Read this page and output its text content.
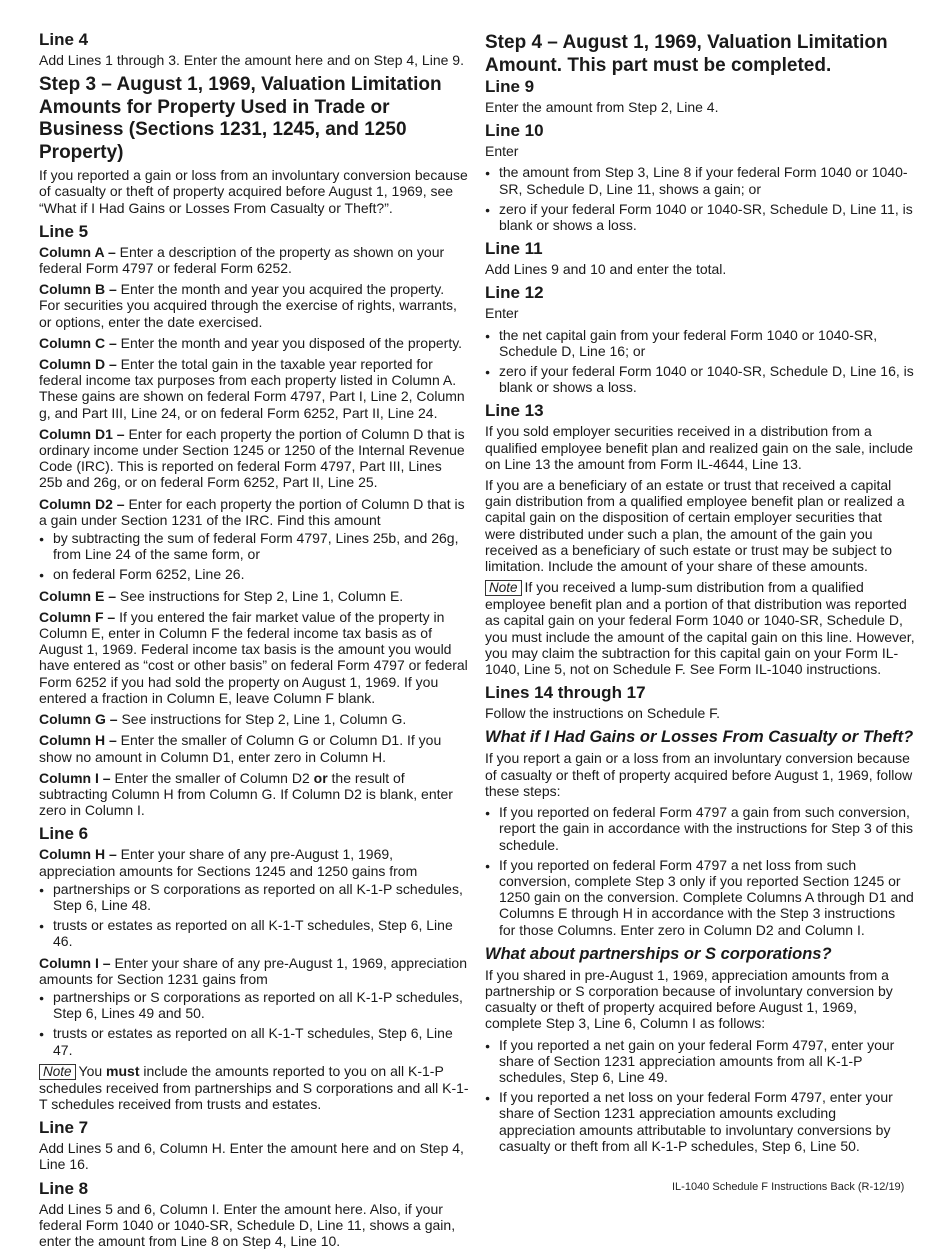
Line 4

Add Lines 1 through 3. Enter the amount here and on Step 4, Line 9.

Step 3 – August 1, 1969, Valuation Limitation Amounts for Property Used in Trade or Business (Sections 1231, 1245, and 1250 Property)

If you reported a gain or loss from an involuntary conversion because of casualty or theft of property acquired before August 1, 1969, see “What if I Had Gains or Losses From Casualty or Theft?”.

Line 5

Column A – Enter a description of the property as shown on your federal Form 4797 or federal Form 6252.

Column B – Enter the month and year you acquired the property. For securities you acquired through the exercise of rights, warrants, or options, enter the date exercised.

Column C – Enter the month and year you disposed of the property.

Column D – Enter the total gain in the taxable year reported for federal income tax purposes from each property listed in Column A. These gains are shown on federal Form 4797, Part I, Line 2, Column g, and Part III, Line 24, or on federal Form 6252, Part II, Line 24.

Column D1 – Enter for each property the portion of Column D that is ordinary income under Section 1245 or 1250 of the Internal Revenue Code (IRC). This is reported on federal Form 4797, Part III, Lines 25b and 26g, or on federal Form 6252, Part II, Line 25.

Column D2 – Enter for each property the portion of Column D that is a gain under Section 1231 of the IRC. Find this amount

● by subtracting the sum of federal Form 4797, Lines 25b, and 26g, from Line 24 of the same form, or
● on federal Form 6252, Line 26.

Column E – See instructions for Step 2, Line 1, Column E.

Column F – If you entered the fair market value of the property in Column E, enter in Column F the federal income tax basis as of August 1, 1969. Federal income tax basis is the amount you would have entered as “cost or other basis” on federal Form 4797 or federal Form 6252 if you had sold the property on August 1, 1969. If you entered a fraction in Column E, leave Column F blank.

Column G – See instructions for Step 2, Line 1, Column G.

Column H – Enter the smaller of Column G or Column D1. If you show no amount in Column D1, enter zero in Column H.

Column I – Enter the smaller of Column D2 or the result of subtracting Column H from Column G. If Column D2 is blank, enter zero in Column I.

Line 6

Column H – Enter your share of any pre-August 1, 1969, appreciation amounts for Sections 1245 and 1250 gains from

● partnerships or S corporations as reported on all K-1-P schedules, Step 6, Line 48.
● trusts or estates as reported on all K-1-T schedules, Step 6, Line 46.

Column I – Enter your share of any pre-August 1, 1969, appreciation amounts for Section 1231 gains from

● partnerships or S corporations as reported on all K-1-P schedules, Step 6, Lines 49 and 50.
● trusts or estates as reported on all K-1-T schedules, Step 6, Line 47.

Note You must include the amounts reported to you on all K-1-P schedules received from partnerships and S corporations and all K-1-T schedules received from trusts and estates.

Line 7

Add Lines 5 and 6, Column H. Enter the amount here and on Step 4, Line 16.

Line 8

Add Lines 5 and 6, Column I. Enter the amount here. Also, if your federal Form 1040 or 1040-SR, Schedule D, Line 11, shows a gain, enter the amount from Line 8 on Step 4, Line 10.

Step 4 – August 1, 1969, Valuation Limitation Amount. This part must be completed.
Line 9

Enter the amount from Step 2, Line 4.

Line 10

Enter

● the amount from Step 3, Line 8 if your federal Form 1040 or 1040-SR, Schedule D, Line 11, shows a gain; or
● zero if your federal Form 1040 or 1040-SR, Schedule D, Line 11, is blank or shows a loss.
Line 11

Add Lines 9 and 10 and enter the total.

Line 12

Enter

● the net capital gain from your federal Form 1040 or 1040-SR, Schedule D, Line 16; or
● zero if your federal Form 1040 or 1040-SR, Schedule D, Line 16, is blank or shows a loss.
Line 13

If you sold employer securities received in a distribution from a qualified employee benefit plan and realized gain on the sale, include on Line 13 the amount from Form IL-4644, Line 13.

If you are a beneficiary of an estate or trust that received a capital gain distribution from a qualified employee benefit plan or realized a capital gain on the disposition of certain employer securities that were distributed under such a plan, the amount of the gain you received as a beneficiary of such estate or trust may be subject to limitation. Include the amount of your share of these amounts.

Note If you received a lump-sum distribution from a qualified employee benefit plan and a portion of that distribution was reported as capital gain on your federal Form 1040 or 1040-SR, Schedule D, you must include the amount of the capital gain on this line. However, you may claim the subtraction for this capital gain on your Form IL-1040, Line 5, not on Schedule F. See Form IL-1040 instructions.

Lines 14 through 17

Follow the instructions on Schedule F.

What if I Had Gains or Losses From Casualty or Theft?

If you report a gain or a loss from an involuntary conversion because of casualty or theft of property acquired before August 1, 1969, follow these steps:

● If you reported on federal Form 4797 a gain from such conversion, report the gain in accordance with the instructions for Step 3 of this schedule.
● If you reported on federal Form 4797 a net loss from such conversion, complete Step 3 only if you reported Section 1245 or 1250 gain on the conversion. Complete Columns A through D1 and Columns E through H in accordance with the Step 3 instructions for those Columns. Enter zero in Column D2 and Column I.
What about partnerships or S corporations?

If you shared in pre-August 1, 1969, appreciation amounts from a partnership or S corporation because of involuntary conversion by casualty or theft of property acquired before August 1, 1969, complete Step 3, Line 6, Column I as follows:

● If you reported a net gain on your federal Form 4797, enter your share of Section 1231 appreciation amounts from all K-1-P schedules, Step 6, Line 49.
● If you reported a net loss on your federal Form 4797, enter your share of Section 1231 appreciation amounts excluding appreciation amounts attributable to involuntary conversions by casualty or theft from all K-1-P schedules, Step 6, Line 50.
IL-1040 Schedule F Instructions Back (R-12/19)
